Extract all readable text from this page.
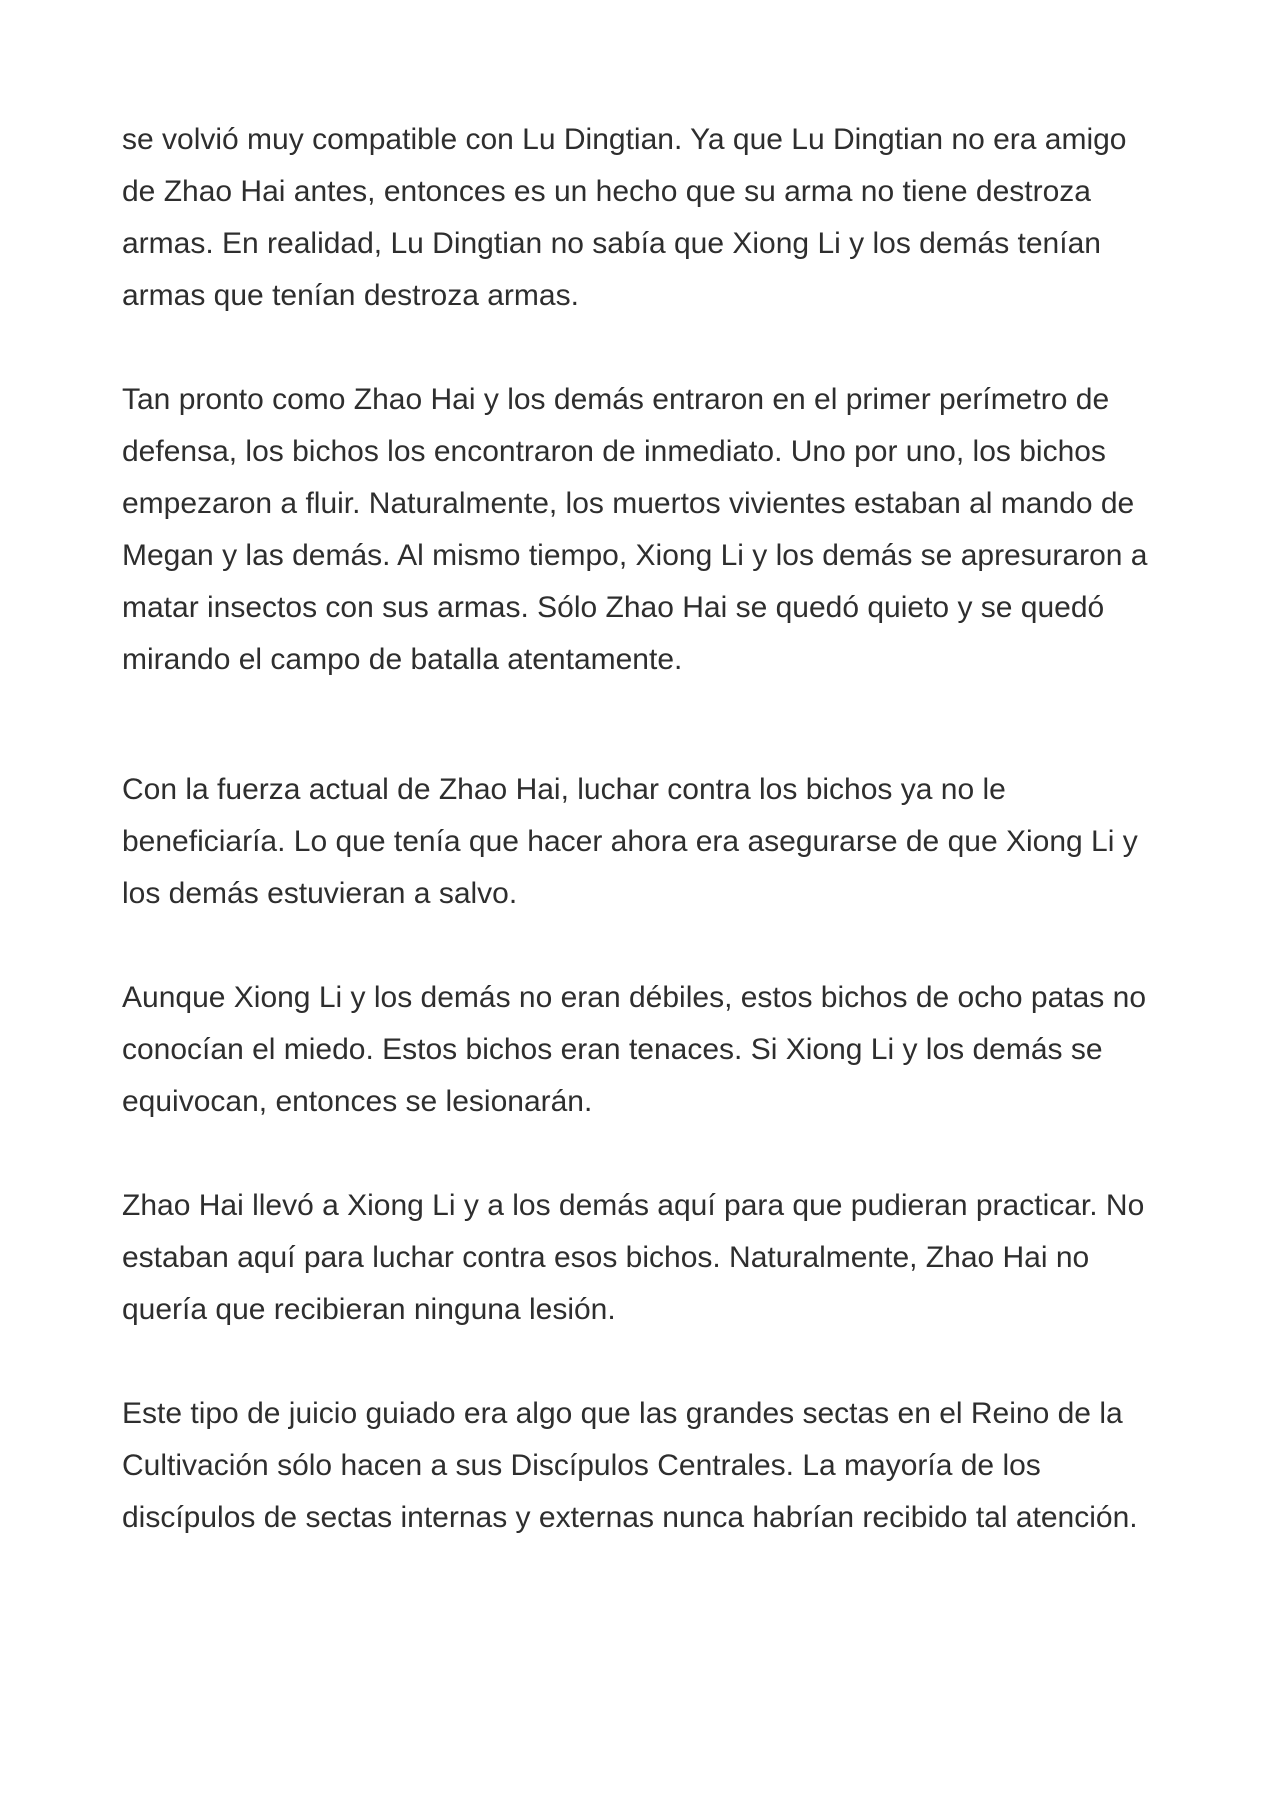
se volvió muy compatible con Lu Dingtian. Ya que Lu Dingtian no era amigo
de Zhao Hai antes, entonces es un hecho que su arma no tiene destroza
armas. En realidad, Lu Dingtian no sabía que Xiong Li y los demás tenían
armas que tenían destroza armas.

Tan pronto como Zhao Hai y los demás entraron en el primer perímetro de
defensa, los bichos los encontraron de inmediato. Uno por uno, los bichos
empezaron a fluir. Naturalmente, los muertos vivientes estaban al mando de
Megan y las demás. Al mismo tiempo, Xiong Li y los demás se apresuraron a
matar insectos con sus armas. Sólo Zhao Hai se quedó quieto y se quedó
mirando el campo de batalla atentamente.

Con la fuerza actual de Zhao Hai, luchar contra los bichos ya no le
beneficiaría. Lo que tenía que hacer ahora era asegurarse de que Xiong Li y
los demás estuvieran a salvo.

Aunque Xiong Li y los demás no eran débiles, estos bichos de ocho patas no
conocían el miedo. Estos bichos eran tenaces. Si Xiong Li y los demás se
equivocan, entonces se lesionarán.

Zhao Hai llevó a Xiong Li y a los demás aquí para que pudieran practicar. No
estaban aquí para luchar contra esos bichos. Naturalmente, Zhao Hai no
quería que recibieran ninguna lesión.

Este tipo de juicio guiado era algo que las grandes sectas en el Reino de la
Cultivación sólo hacen a sus Discípulos Centrales. La mayoría de los
discípulos de sectas internas y externas nunca habrían recibido tal atención.
